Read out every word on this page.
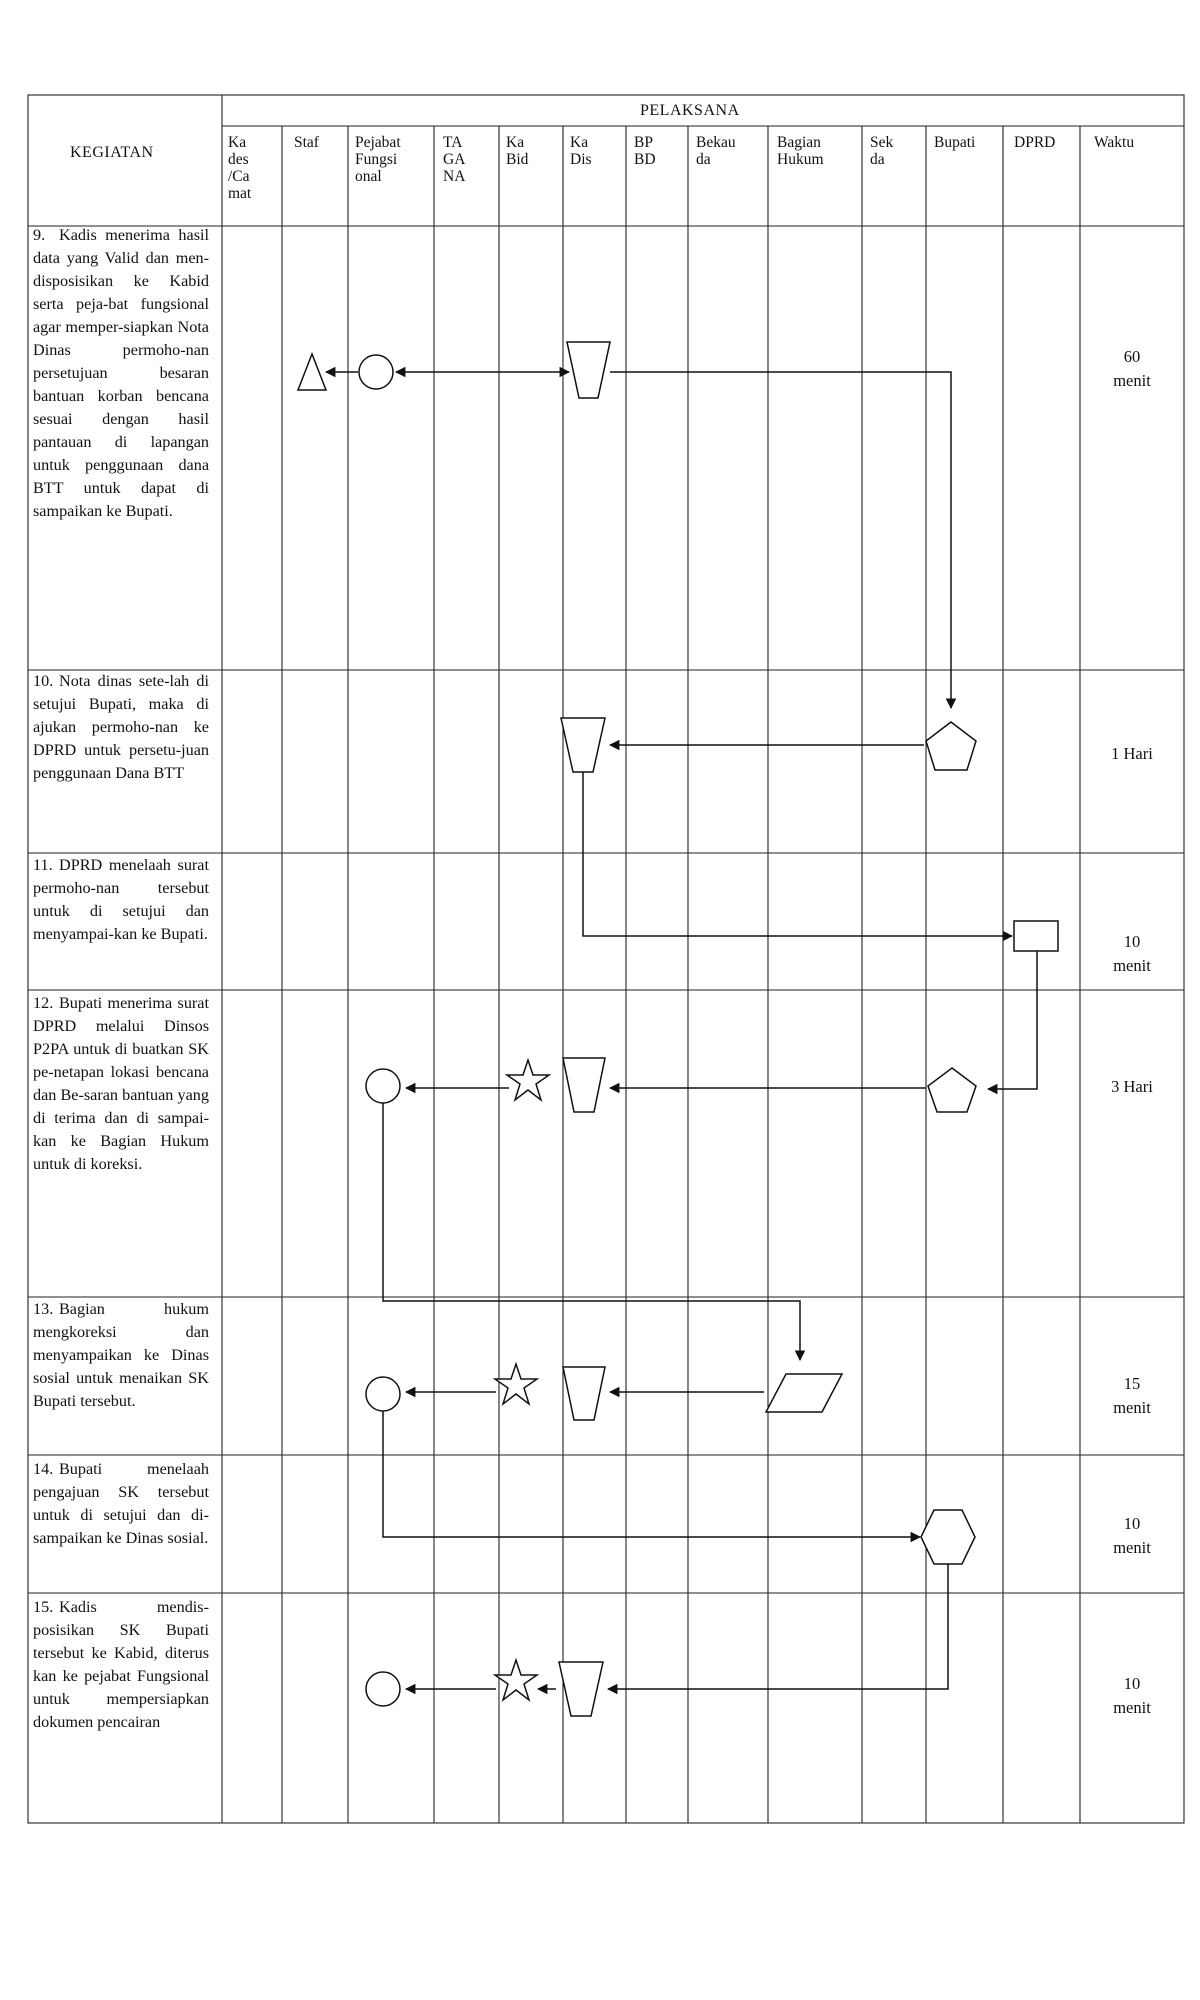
KEGIATAN
PELAKSANA
Ka
des
/Ca
mat
Staf Pejabat
Fungsi
onal
TA
GA
NA
Ka
Bid
Ka
Dis
BP
BD
Bekau
da
Bagian
Hukum
Sek
da
Bupati DPRD Waktu
9. Kadis menerima hasil data yang Valid dan men-disposisikan ke Kabid serta peja-bat fungsional agar memper-siapkan Nota Dinas permoho-nan persetujuan besaran bantuan korban bencana sesuai dengan hasil pantauan di lapangan untuk penggunaan dana BTT untuk dapat di sampaikan ke Bupati.
10. Nota dinas sete-lah di setujui Bupati, maka di ajukan permoho-nan ke DPRD untuk persetu-juan penggunaan Dana BTT
11. DPRD menelaah surat permoho-nan tersebut untuk di setujui dan menyampai-kan ke Bupati.
12. Bupati menerima surat DPRD melalui Dinsos P2PA untuk di buatkan SK pe-netapan lokasi bencana dan Be-saran bantuan yang di terima dan di sampai-kan ke Bagian Hukum untuk di koreksi.
13. Bagian hukum mengkoreksi dan menyampaikan ke Dinas sosial untuk menaikan SK Bupati tersebut.
14. Bupati menelaah pengajuan SK tersebut untuk di setujui dan di-sampaikan ke Dinas sosial.
15. Kadis mendis-posisikan SK Bupati tersebut ke Kabid, diterus kan ke pejabat Fungsional untuk mempersiapkan dokumen pencairan
60
menit
1 Hari
10
menit
3 Hari
15
menit
10
menit
10
menit
